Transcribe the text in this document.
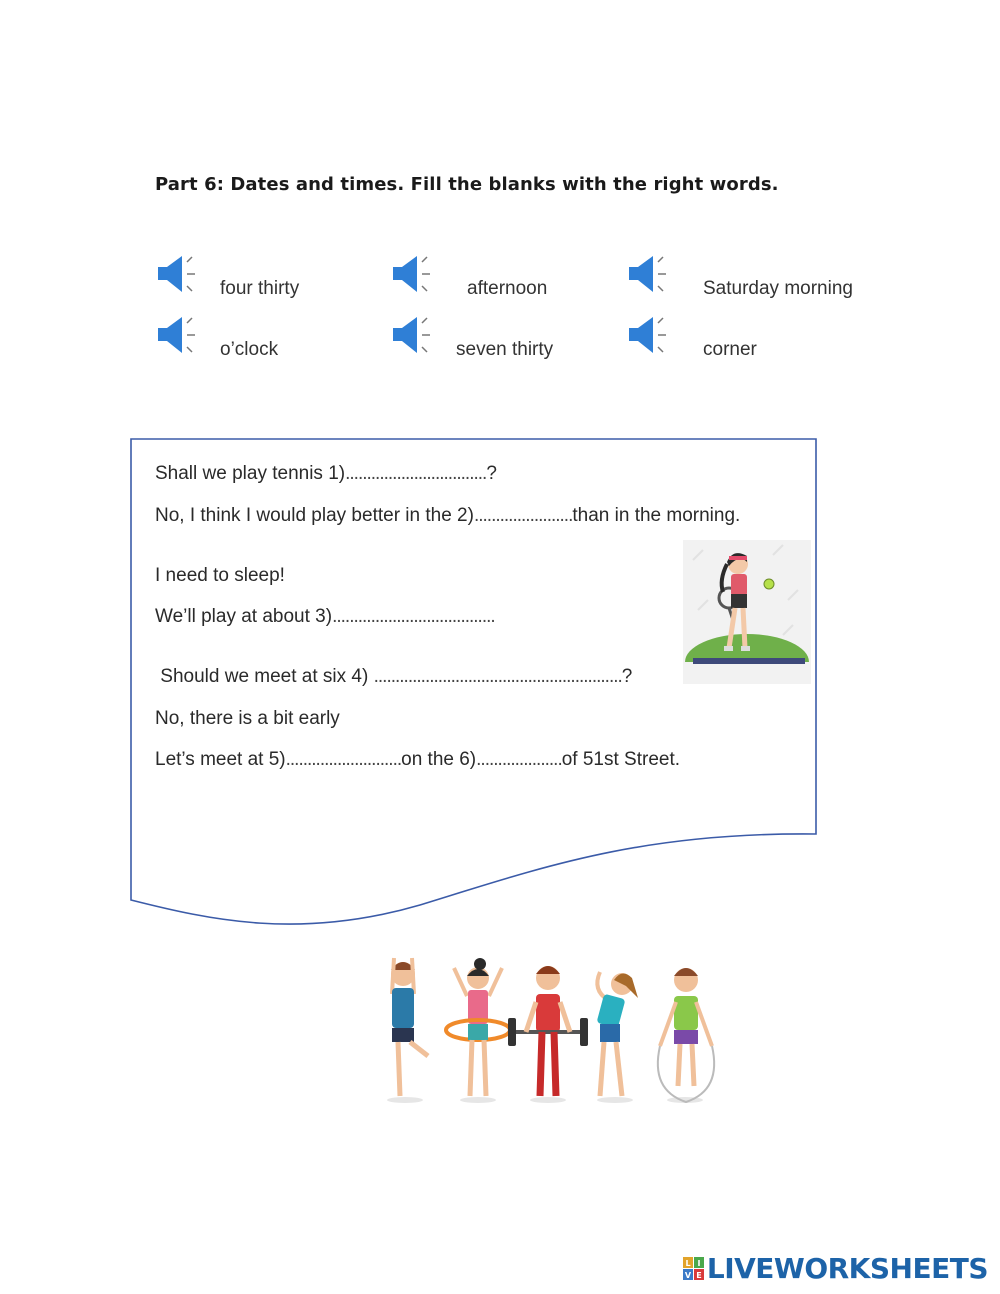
Part 6: Dates and times. Fill the blanks with the right words.
four thirty	afternoon	Saturday morning
o’clock	seven thirty	corner
Shall we play tennis 1).................................?
No, I think I would play better in the 2).......................than in the morning.
I need to sleep!
We’ll play at about 3)......................................
Should we meet at six 4) ..........................................................?
No, there is a bit early
Let’s meet at 5)...........................on the 6)....................of 51st Street.
L I
V E LIVEWORKSHEETS
